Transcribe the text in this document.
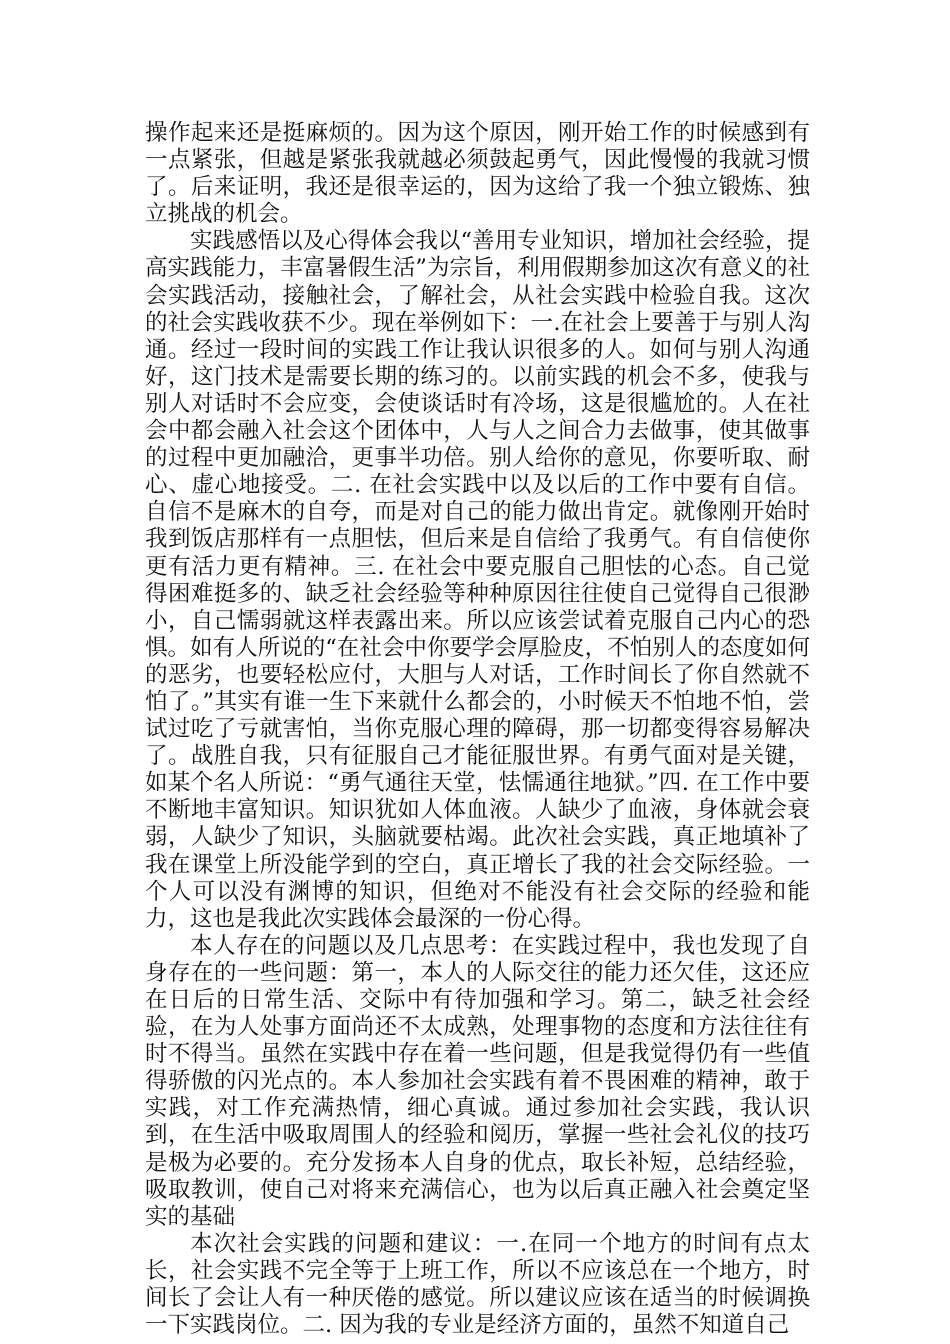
操作起来还是挺麻烦的。因为这个原因，刚开始工作的时候感到有一点紧张，但越是紧张我就越必须鼓起勇气，因此慢慢的我就习惯了。后来证明，我还是很幸运的，因为这给了我一个独立锻炼、独立挑战的机会。

实践感悟以及心得体会我以“善用专业知识，增加社会经验，提高实践能力，丰富暑假生活”为宗旨，利用假期参加这次有意义的社会实践活动，接触社会，了解社会，从社会实践中检验自我。这次的社会实践收获不少。现在举例如下：一.在社会上要善于与别人沟通。经过一段时间的实践工作让我认识很多的人。如何与别人沟通好，这门技术是需要长期的练习的。以前实践的机会不多，使我与别人对话时不会应变，会使谈话时有冷场，这是很尴尬的。人在社会中都会融入社会这个团体中，人与人之间合力去做事，使其做事的过程中更加融洽，更事半功倍。别人给你的意见，你要听取、耐心、虚心地接受。二. 在社会实践中以及以后的工作中要有自信。自信不是麻木的自夸，而是对自己的能力做出肯定。就像刚开始时我到饭店那样有一点胆怯，但后来是自信给了我勇气。有自信使你更有活力更有精神。三. 在社会中要克服自己胆怯的心态。自己觉得困难挺多的、缺乏社会经验等种种原因往往使自己觉得自己很渺小，自己懦弱就这样表露出来。所以应该尝试着克服自己内心的恐惧。如有人所说的“在社会中你要学会厚脸皮，不怕别人的态度如何的恶劣，也要轻松应付，大胆与人对话，工作时间长了你自然就不怕了。”其实有谁一生下来就什么都会的，小时候天不怕地不怕，尝试过吃了亏就害怕，当你克服心理的障碍，那一切都变得容易解决了。战胜自我，只有征服自己才能征服世界。有勇气面对是关键，如某个名人所说：“勇气通往天堂，怯懦通往地狱。”四. 在工作中要不断地丰富知识。知识犹如人体血液。人缺少了血液，身体就会衰弱，人缺少了知识，头脑就要枯竭。此次社会实践，真正地填补了我在课堂上所没能学到的空白，真正增长了我的社会交际经验。一个人可以没有渊博的知识，但绝对不能没有社会交际的经验和能力，这也是我此次实践体会最深的一份心得。

本人存在的问题以及几点思考：在实践过程中，我也发现了自身存在的一些问题：第一，本人的人际交往的能力还欠佳，这还应在日后的日常生活、交际中有待加强和学习。第二，缺乏社会经验，在为人处事方面尚还不太成熟，处理事物的态度和方法往往有时不得当。虽然在实践中存在着一些问题，但是我觉得仍有一些值得骄傲的闪光点的。本人参加社会实践有着不畏困难的精神，敢于实践，对工作充满热情，细心真诚。通过参加社会实践，我认识到，在生活中吸取周围人的经验和阅历，掌握一些社会礼仪的技巧是极为必要的。充分发扬本人自身的优点，取长补短，总结经验，吸取教训，使自己对将来充满信心，也为以后真正融入社会奠定坚实的基础

本次社会实践的问题和建议：一.在同一个地方的时间有点太长，社会实践不完全等于上班工作，所以不应该总在一个地方，时间长了会让人有一种厌倦的感觉。所以建议应该在适当的时候调换一下实践岗位。二. 因为我的专业是经济方面的，虽然不知道自己
